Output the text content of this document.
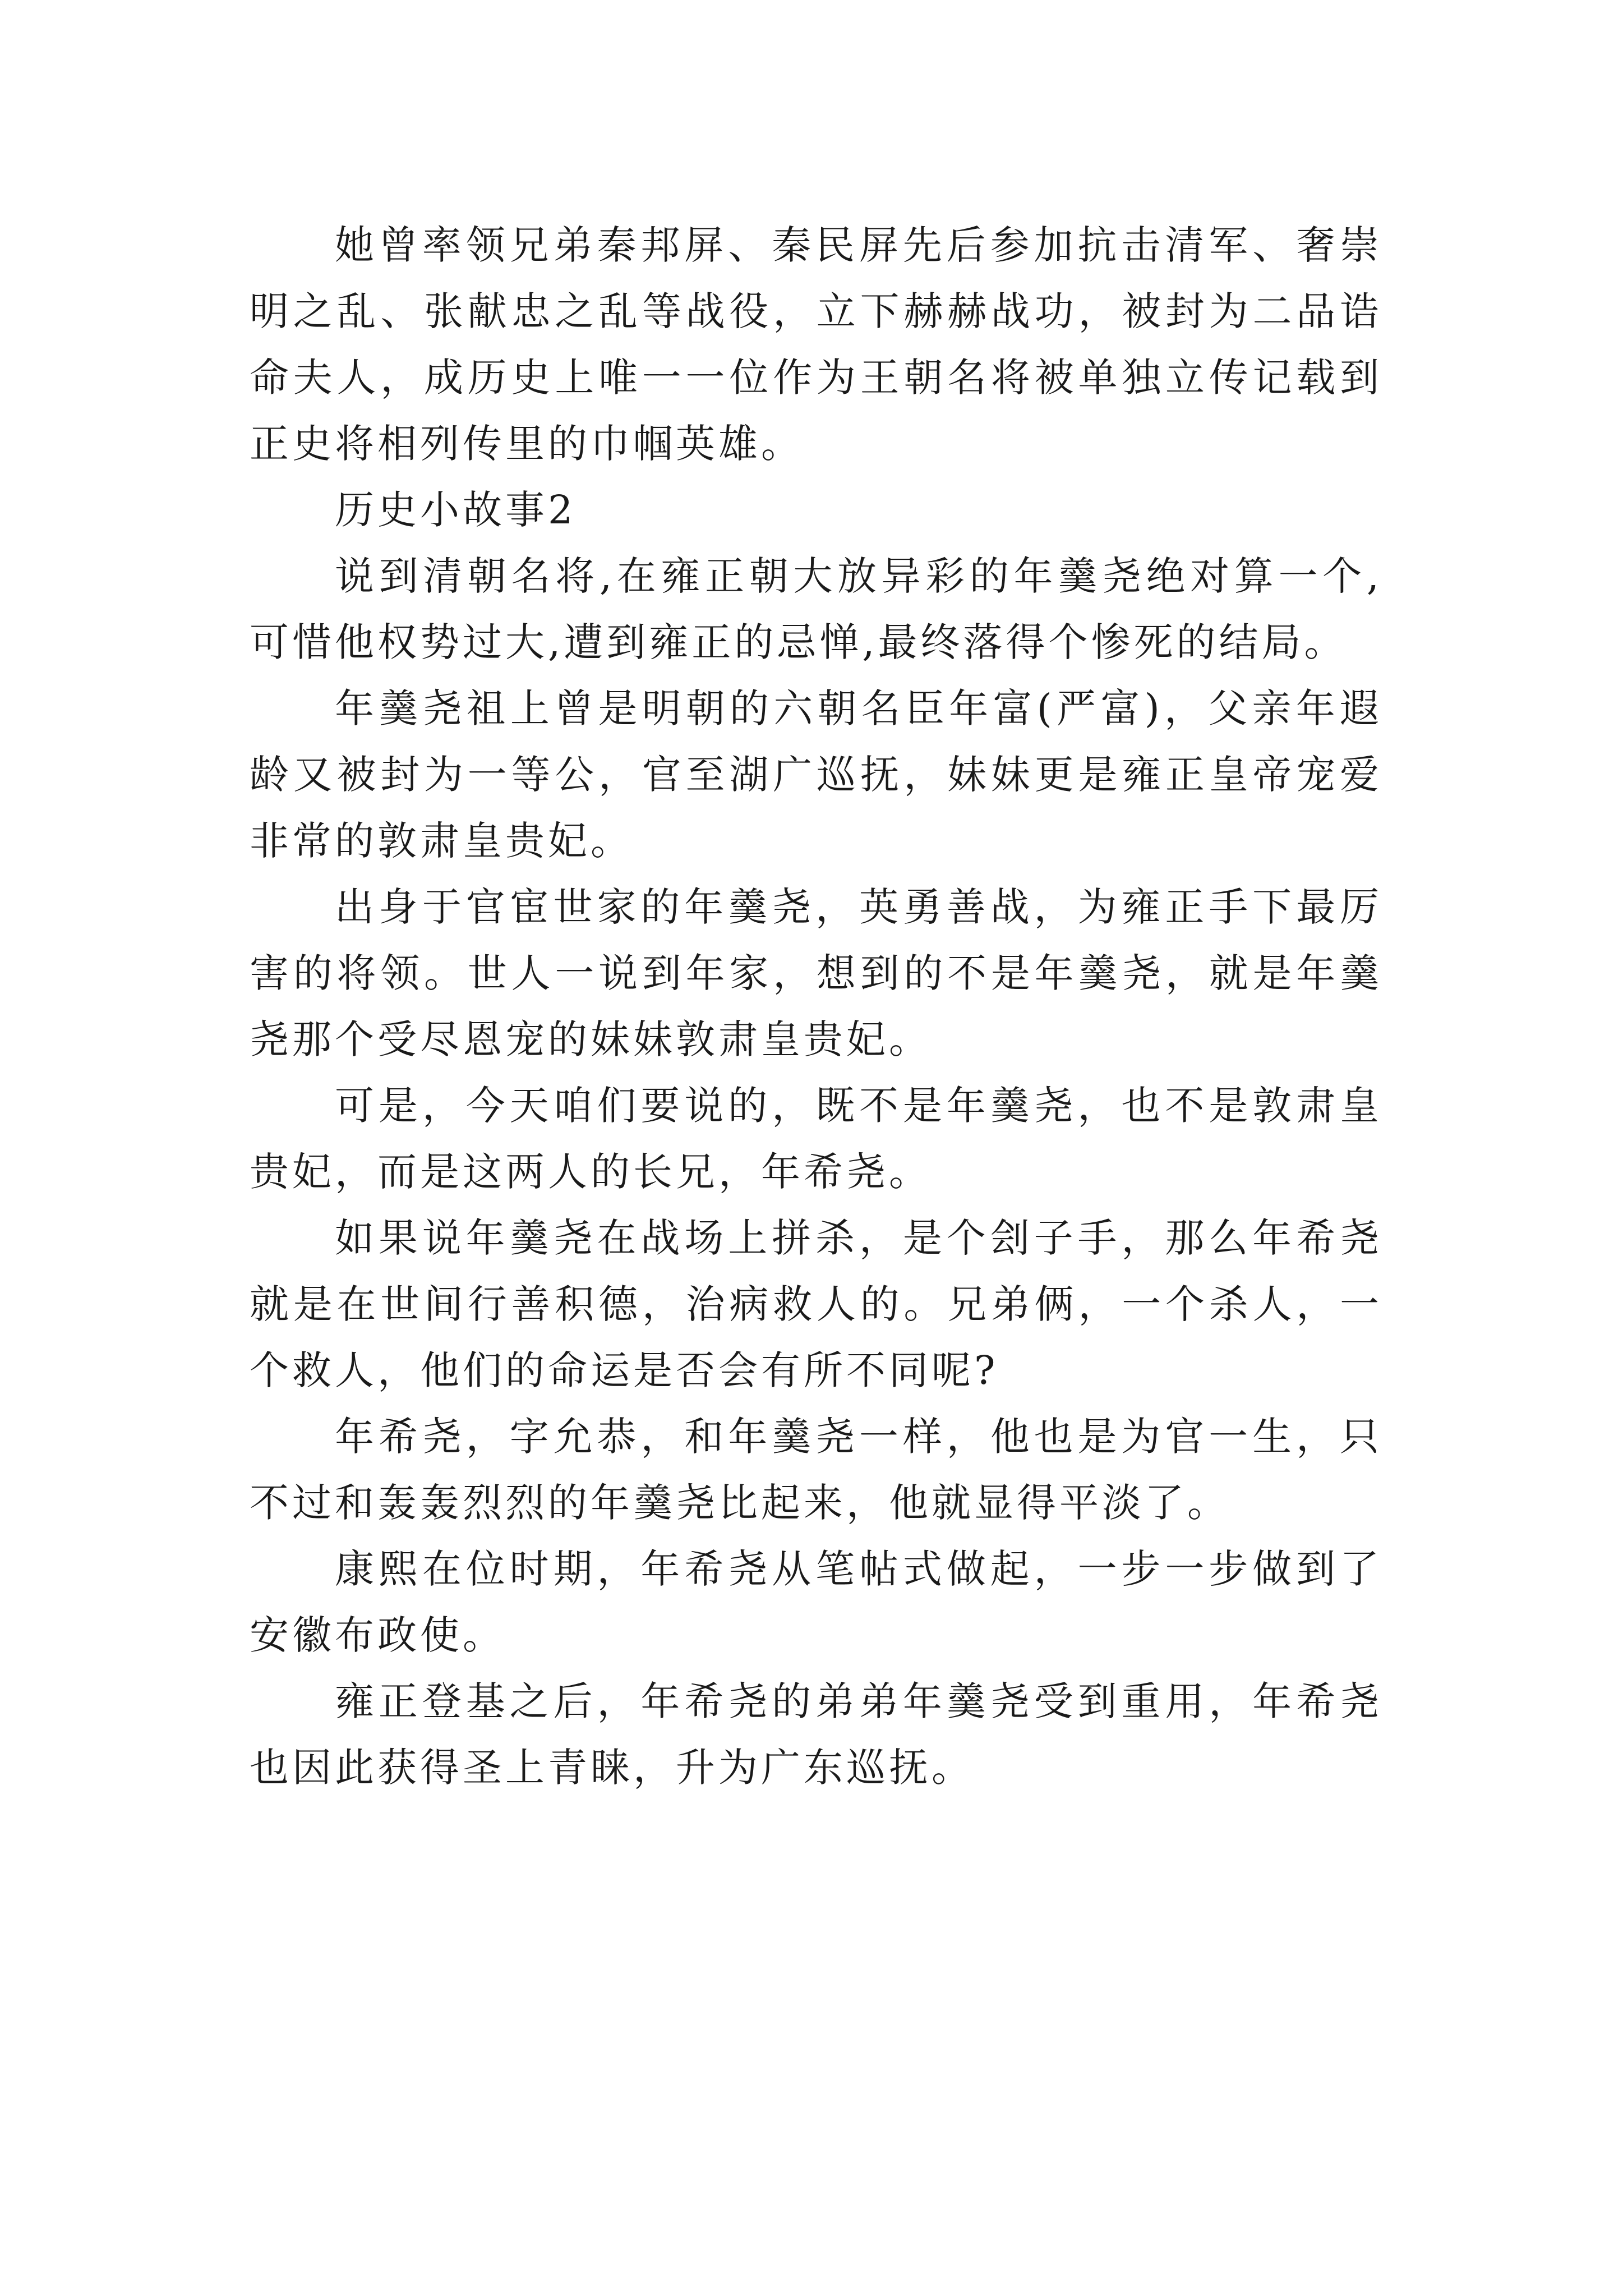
她曾率领兄弟秦邦屏、秦民屏先后参加抗击清军、奢崇明之乱、张献忠之乱等战役，立下赫赫战功，被封为二品诰命夫人，成历史上唯一一位作为王朝名将被单独立传记载到正史将相列传里的巾帼英雄。

历史小故事2

说到清朝名将,在雍正朝大放异彩的年羹尧绝对算一个,可惜他权势过大,遭到雍正的忌惮,最终落得个惨死的结局。

年羹尧祖上曾是明朝的六朝名臣年富(严富)，父亲年遐龄又被封为一等公，官至湖广巡抚，妹妹更是雍正皇帝宠爱非常的敦肃皇贵妃。

出身于官宦世家的年羹尧，英勇善战，为雍正手下最厉害的将领。世人一说到年家，想到的不是年羹尧，就是年羹尧那个受尽恩宠的妹妹敦肃皇贵妃。

可是，今天咱们要说的，既不是年羹尧，也不是敦肃皇贵妃，而是这两人的长兄，年希尧。

如果说年羹尧在战场上拼杀，是个刽子手，那么年希尧就是在世间行善积德，治病救人的。兄弟俩，一个杀人，一个救人，他们的命运是否会有所不同呢?

年希尧，字允恭，和年羹尧一样，他也是为官一生，只不过和轰轰烈烈的年羹尧比起来，他就显得平淡了。

康熙在位时期，年希尧从笔帖式做起，一步一步做到了安徽布政使。

雍正登基之后，年希尧的弟弟年羹尧受到重用，年希尧也因此获得圣上青睐，升为广东巡抚。
